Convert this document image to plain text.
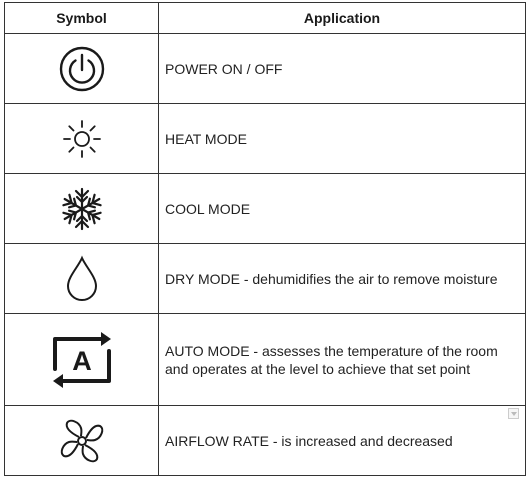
Symbol	Application

	POWER ON / OFF

	HEAT MODE

	COOL MODE

	DRY MODE - dehumidifies the air to remove moisture

A	AUTO MODE - assesses the temperature of the room and operates at the level to achieve that set point

	AIRFLOW RATE - is increased and decreased
